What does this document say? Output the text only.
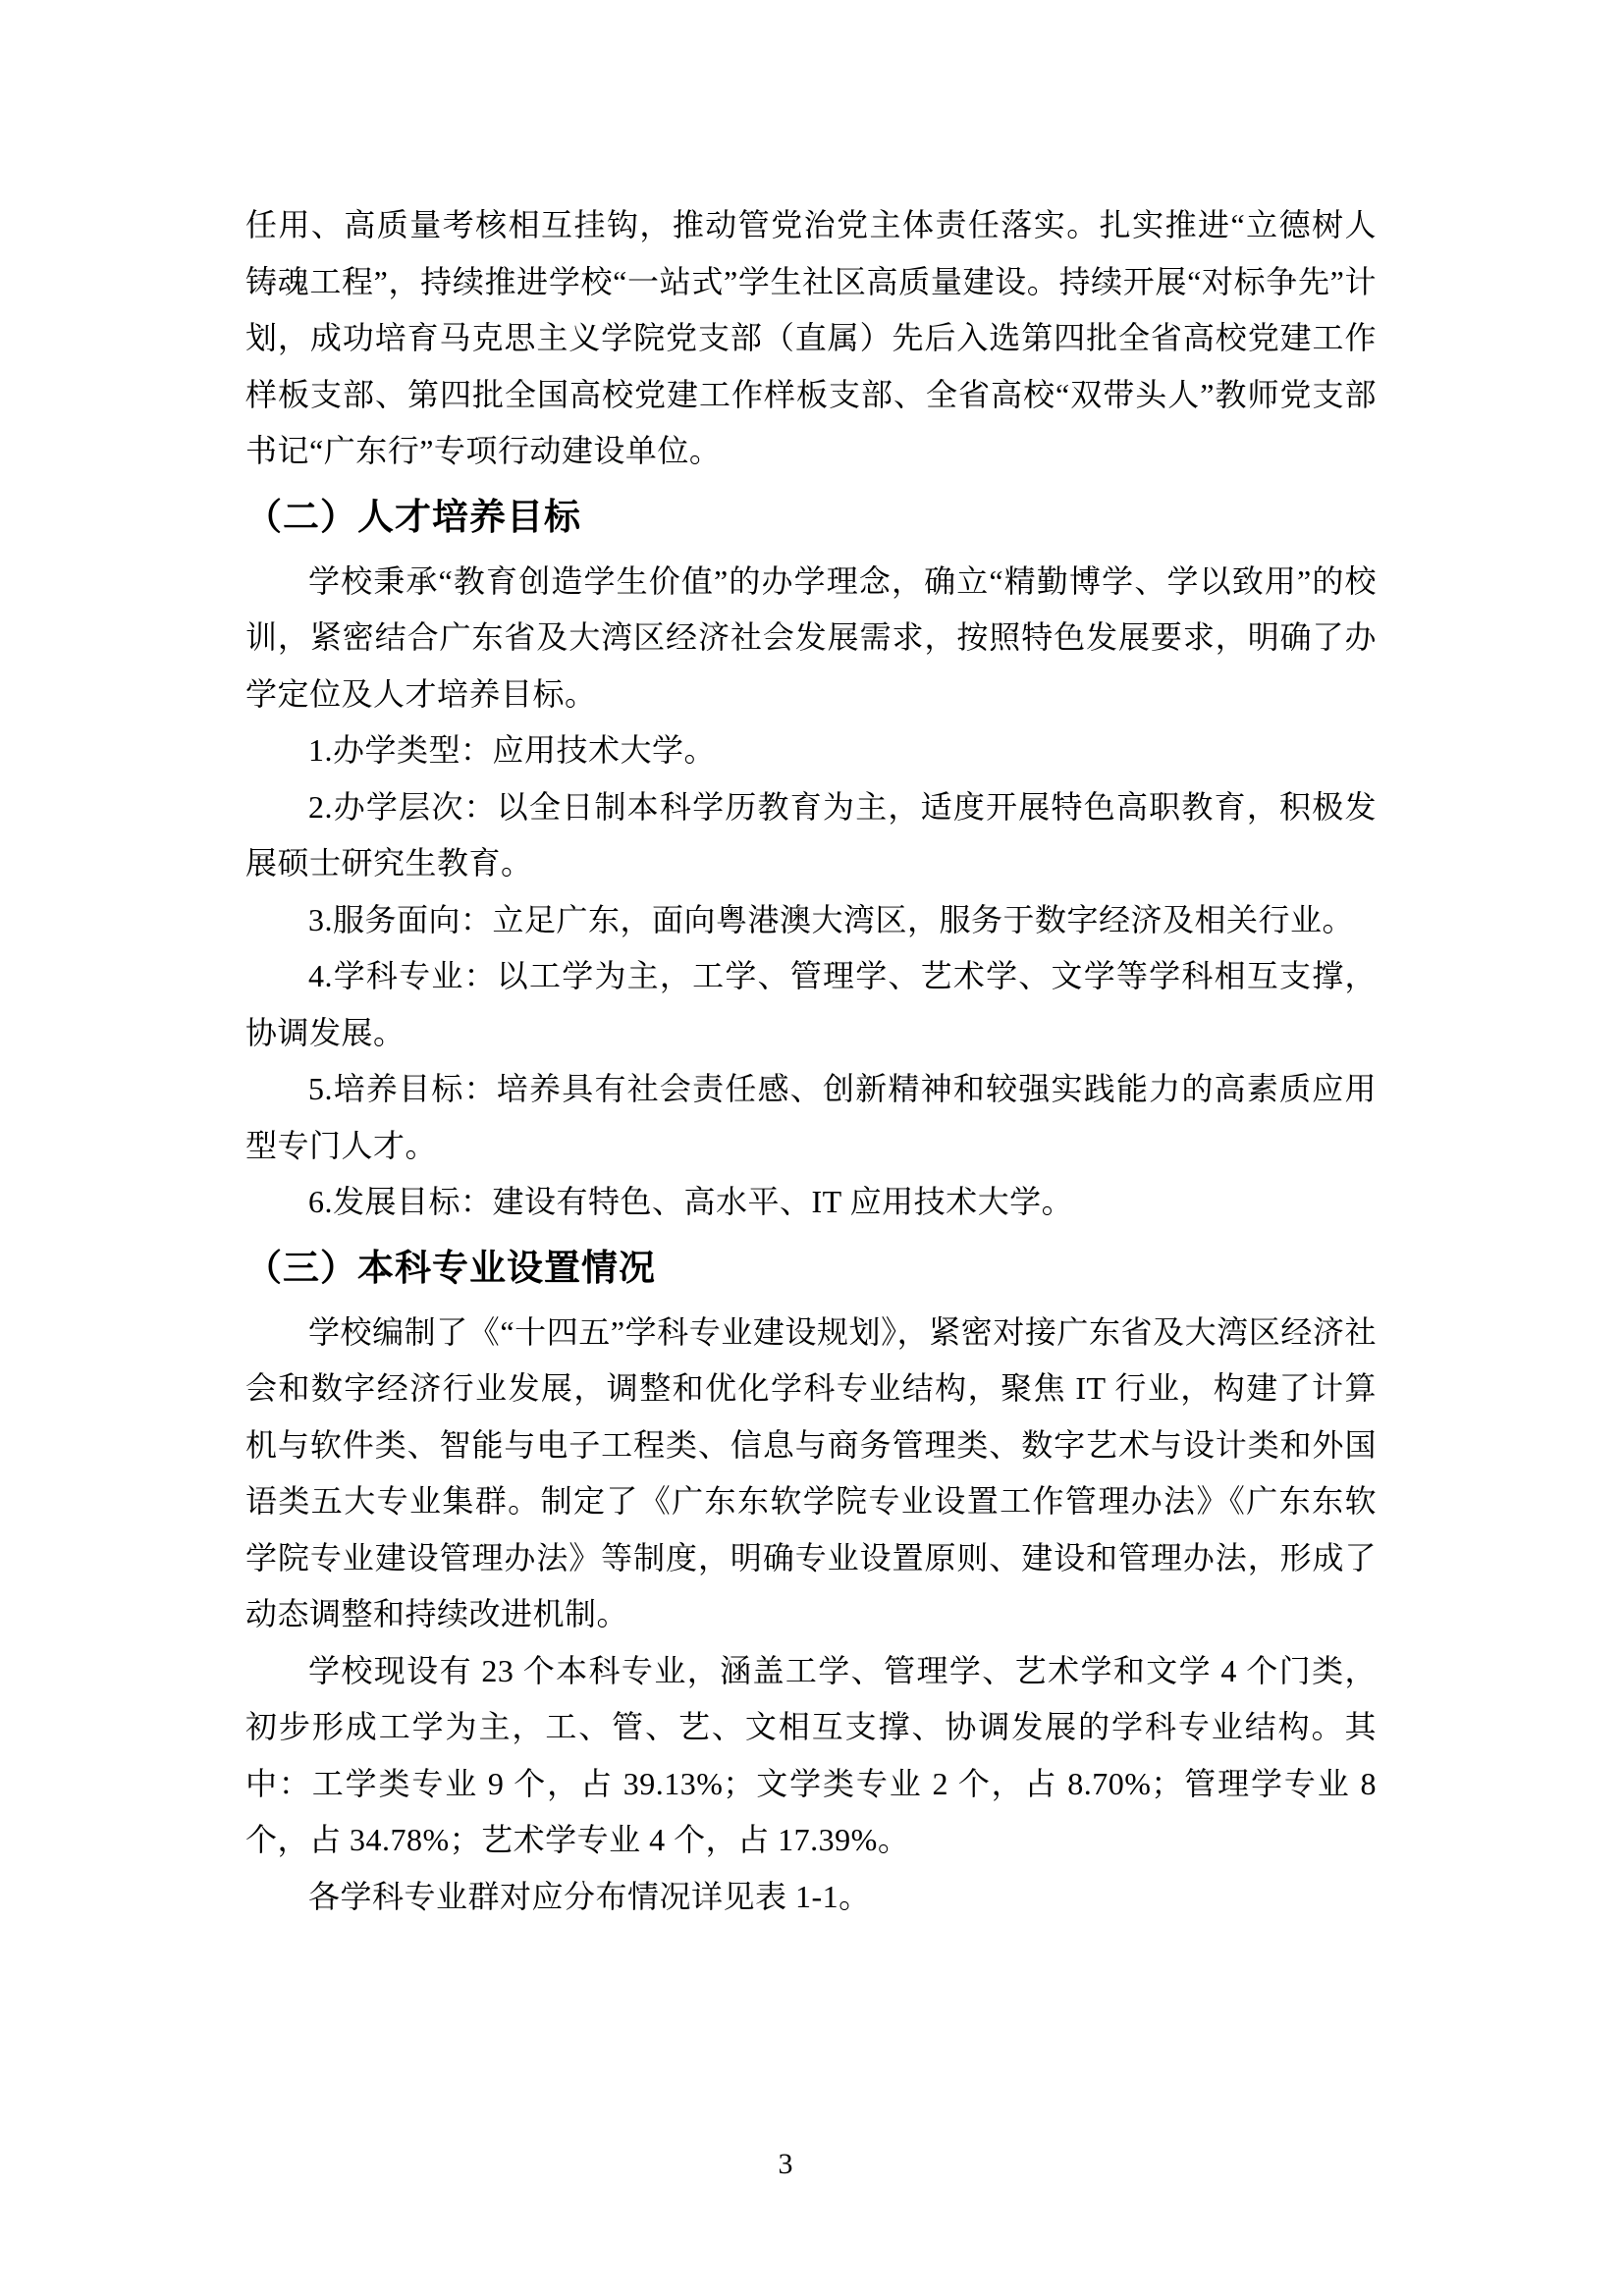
任用、高质量考核相互挂钩，推动管党治党主体责任落实。扎实推进“立德树人铸魂工程”，持续推进学校“一站式”学生社区高质量建设。持续开展“对标争先”计划，成功培育马克思主义学院党支部（直属）先后入选第四批全省高校党建工作样板支部、第四批全国高校党建工作样板支部、全省高校“双带头人”教师党支部书记“广东行”专项行动建设单位。

（二）人才培养目标

学校秉承“教育创造学生价值”的办学理念，确立“精勤博学、学以致用”的校训，紧密结合广东省及大湾区经济社会发展需求，按照特色发展要求，明确了办学定位及人才培养目标。

1.办学类型：应用技术大学。

2.办学层次：以全日制本科学历教育为主，适度开展特色高职教育，积极发展硕士研究生教育。

3.服务面向：立足广东，面向粤港澳大湾区，服务于数字经济及相关行业。

4.学科专业：以工学为主，工学、管理学、艺术学、文学等学科相互支撑，协调发展。

5.培养目标：培养具有社会责任感、创新精神和较强实践能力的高素质应用型专门人才。

6.发展目标：建设有特色、高水平、IT 应用技术大学。

（三）本科专业设置情况

学校编制了《“十四五”学科专业建设规划》，紧密对接广东省及大湾区经济社会和数字经济行业发展，调整和优化学科专业结构，聚焦 IT 行业，构建了计算机与软件类、智能与电子工程类、信息与商务管理类、数字艺术与设计类和外国语类五大专业集群。制定了《广东东软学院专业设置工作管理办法》《广东东软学院专业建设管理办法》等制度，明确专业设置原则、建设和管理办法，形成了动态调整和持续改进机制。

学校现设有 23 个本科专业，涵盖工学、管理学、艺术学和文学 4 个门类，初步形成工学为主，工、管、艺、文相互支撑、协调发展的学科专业结构。其中：工学类专业 9 个，占 39.13%；文学类专业 2 个，占 8.70%；管理学专业 8 个，占 34.78%；艺术学专业 4 个，占 17.39%。

各学科专业群对应分布情况详见表 1-1。

3
